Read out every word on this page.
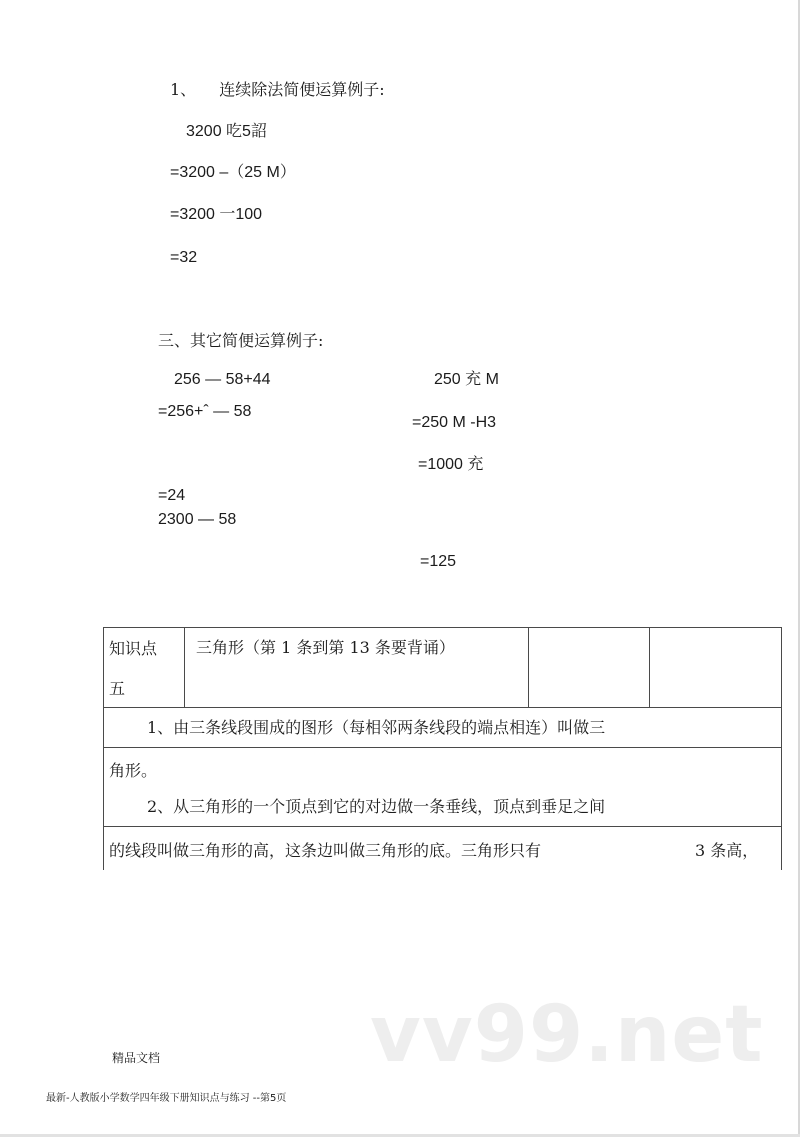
1、 连续除法简便运算例子:
3200 吃5詔
=3200 –（25 M）
=3200 一100
=32
三、其它简便运算例子:
256 — 58+44
=256+ˆ — 58
=24
2300 — 58
250 充 M
=250 M -H3
=1000 充
=125
知识点
五
三角形（第 1 条到第 13 条要背诵）
1、由三条线段围成的图形（每相邻两条线段的端点相连）叫做三
角形。
2、从三角形的一个顶点到它的对边做一条垂线，顶点到垂足之间
的线段叫做三角形的高，这条边叫做三角形的底。三角形只有	3 条高，
vv99.net
精品文档
最新-人教版小学数学四年级下册知识点与练习 --第5页
